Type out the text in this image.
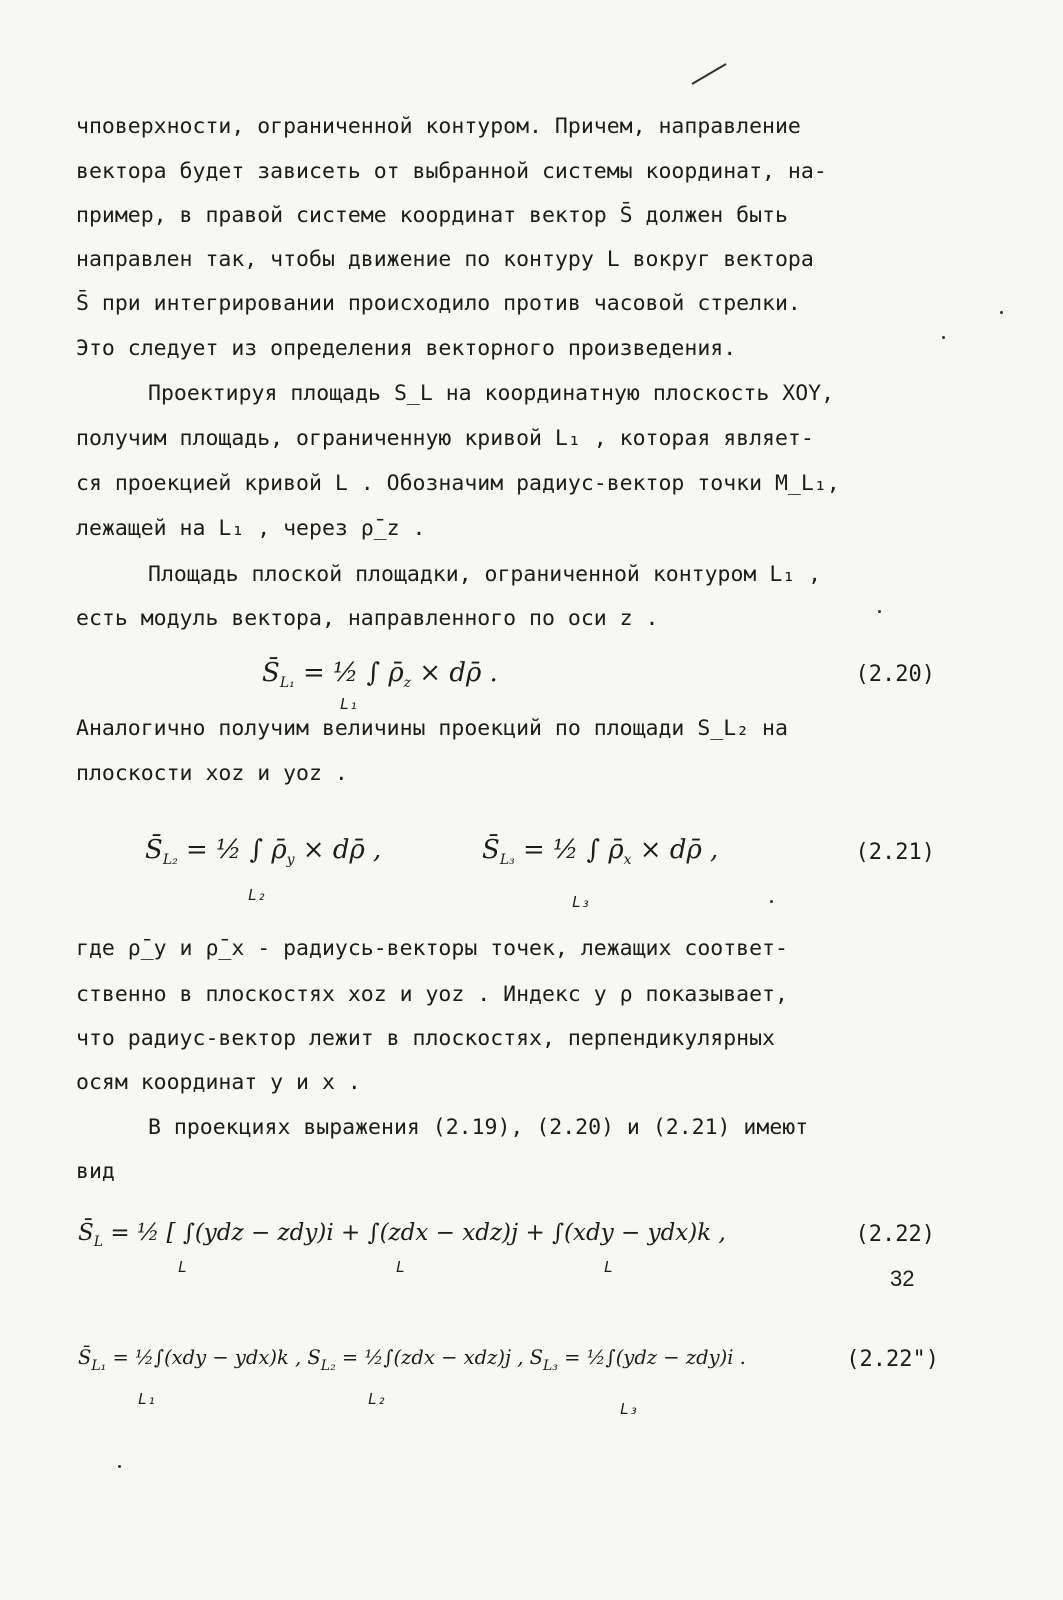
чповерхности, ограниченной контуром. Причем, направление
вектора будет зависеть от выбранной системы координат, на-
пример, в правой системе координат вектор S̄ должен быть
направлен так, чтобы движение по контуру L вокруг вектора
S̄ при интегрировании происходило против часовой стрелки.
Это следует из определения векторного произведения.
Проектируя площадь S_L на координатную плоскость XOY,
получим площадь, ограниченную кривой L₁ , которая являет-
ся проекцией кривой L . Обозначим радиус-вектор точки M_L₁,
лежащей на L₁ , через ρ̄_z .
Площадь плоской площадки, ограниченной контуром L₁ ,
есть модуль вектора, направленного по оси z .
$S̄_{L_1}$ = ½ ∫ $\rhō_z$ × dρ̄ .
L₁
(2.20)
Аналогично получим величины проекций по площади S_L₂ на
плоскости xoz и yoz .
$S̄_{L_2}$ = ½ ∫ $\rhō_y$ × dρ̄ ,
L₂
$S̄_{L_3}$ = ½ ∫ $\rhō_x$ × dρ̄ ,
L₃
(2.21)
где ρ̄_y и ρ̄_x - радиусь-векторы точек, лежащих соответ-
ственно в плоскостях xoz и yoz . Индекс у ρ показывает,
что радиус-вектор лежит в плоскостях, перпендикулярных
осям координат y и x .
В проекциях выражения (2.19), (2.20) и (2.21) имеют
вид
$S̄_L$ = ½ [ ∫(ydz − zdy)i + ∫(zdx − xdz)j + ∫(xdy − ydx)k ,
L	L	L
(2.22)
$S̄_{L_1}$ = ½∫(xdy − ydx)k , $S_{L_2}$ = ½∫(zdx − xdz)j , $S_{L_3}$ = ½∫(ydz − zdy)i .
L₁	L₂
L₃
(2.22")
32
